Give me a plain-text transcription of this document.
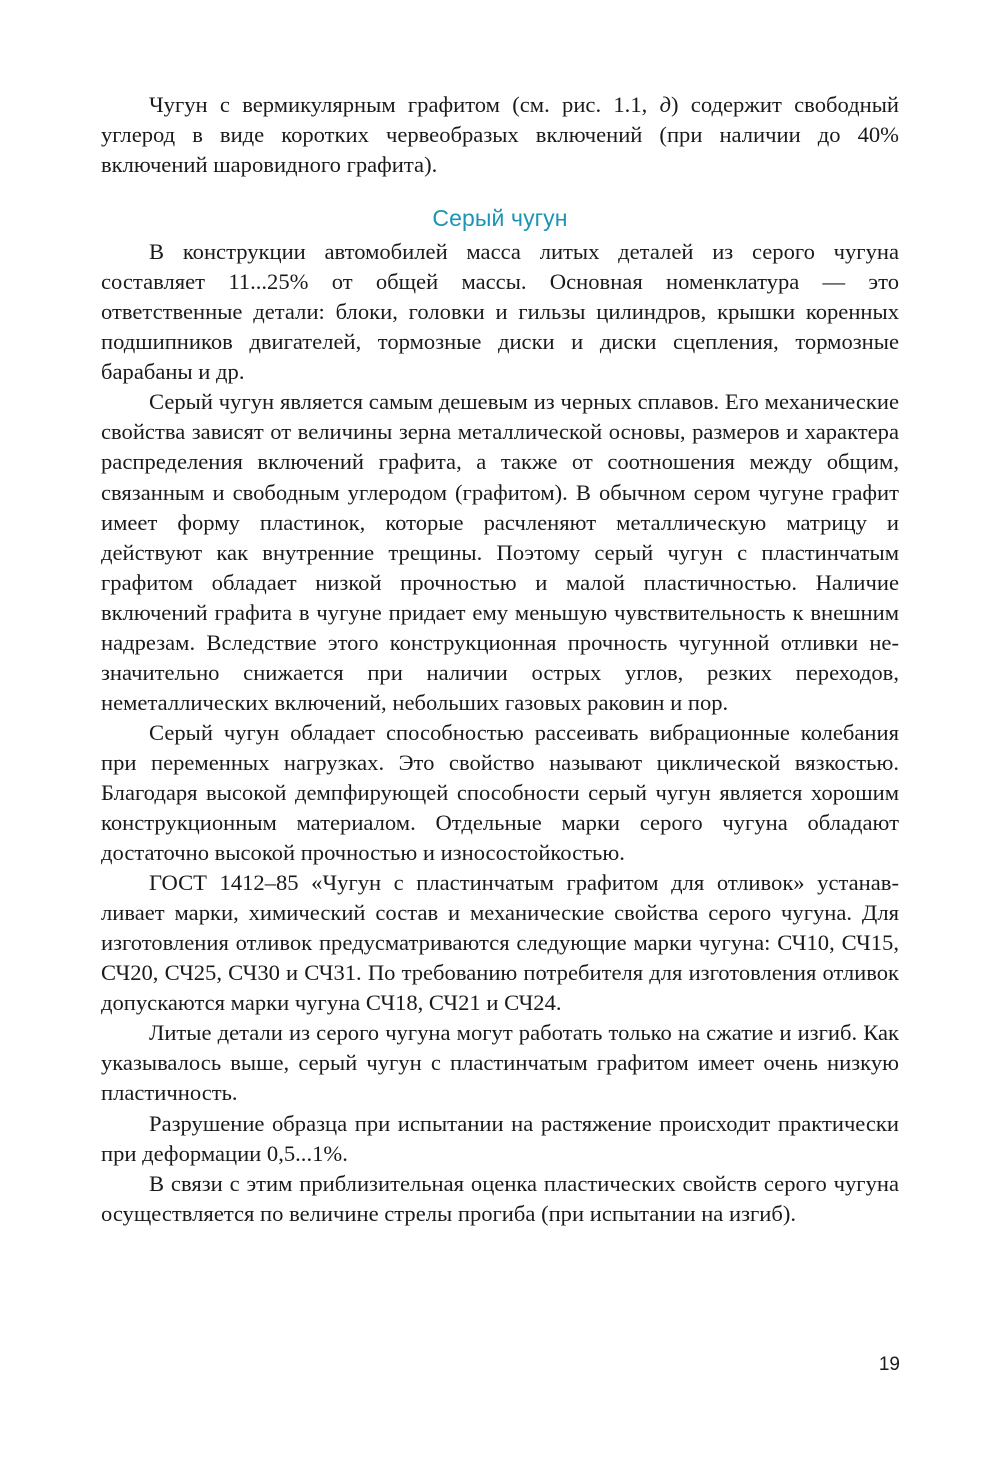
Чугун с вермикулярным графитом (см. рис. 1.1, д) содержит свободный углерод в виде коротких червеобразых включений (при наличии до 40% включений шаровидного графита).

Серый чугун

В конструкции автомобилей масса литых деталей из серого чугуна составляет 11...25% от общей массы. Основная номенклатура — это ответственные детали: блоки, головки и гильзы цилиндров, крышки коренных подшипников двигателей, тормозные диски и диски сцепления, тормозные барабаны и др.

Серый чугун является самым дешевым из черных сплавов. Его механические свойства зависят от величины зерна металлической основы, размеров и характера распределения включений графита, а также от соотношения между общим, связанным и свободным углеродом (графитом). В обычном сером чугуне графит имеет форму пластинок, которые расчленяют металлическую матрицу и действуют как внутренние трещины. Поэтому серый чугун с пластинчатым графитом обладает низкой прочностью и малой пластичностью. Наличие включений графита в чугуне придает ему меньшую чувствительность к внешним надрезам. Вследствие этого конструкционная прочность чугунной отливки незначительно снижается при наличии острых углов, резких переходов, неметаллических включений, небольших газовых раковин и пор.

Серый чугун обладает способностью рассеивать вибрационные колебания при переменных нагрузках. Это свойство называют циклической вязкостью. Благодаря высокой демпфирующей способности серый чугун является хорошим конструкционным материалом. Отдельные марки серого чугуна обладают достаточно высокой прочностью и износостойкостью.

ГОСТ 1412–85 «Чугун с пластинчатым графитом для отливок» устанавливает марки, химический состав и механические свойства серого чугуна. Для изготовления отливок предусматриваются следующие марки чугуна: СЧ10, СЧ15, СЧ20, СЧ25, СЧ30 и СЧ31. По требованию потребителя для изготовления отливок допускаются марки чугуна СЧ18, СЧ21 и СЧ24.

Литые детали из серого чугуна могут работать только на сжатие и изгиб. Как указывалось выше, серый чугун с пластинчатым графитом имеет очень низкую пластичность.

Разрушение образца при испытании на растяжение происходит практически при деформации 0,5...1%.

В связи с этим приблизительная оценка пластических свойств серого чугуна осуществляется по величине стрелы прогиба (при испытании на изгиб).

19
